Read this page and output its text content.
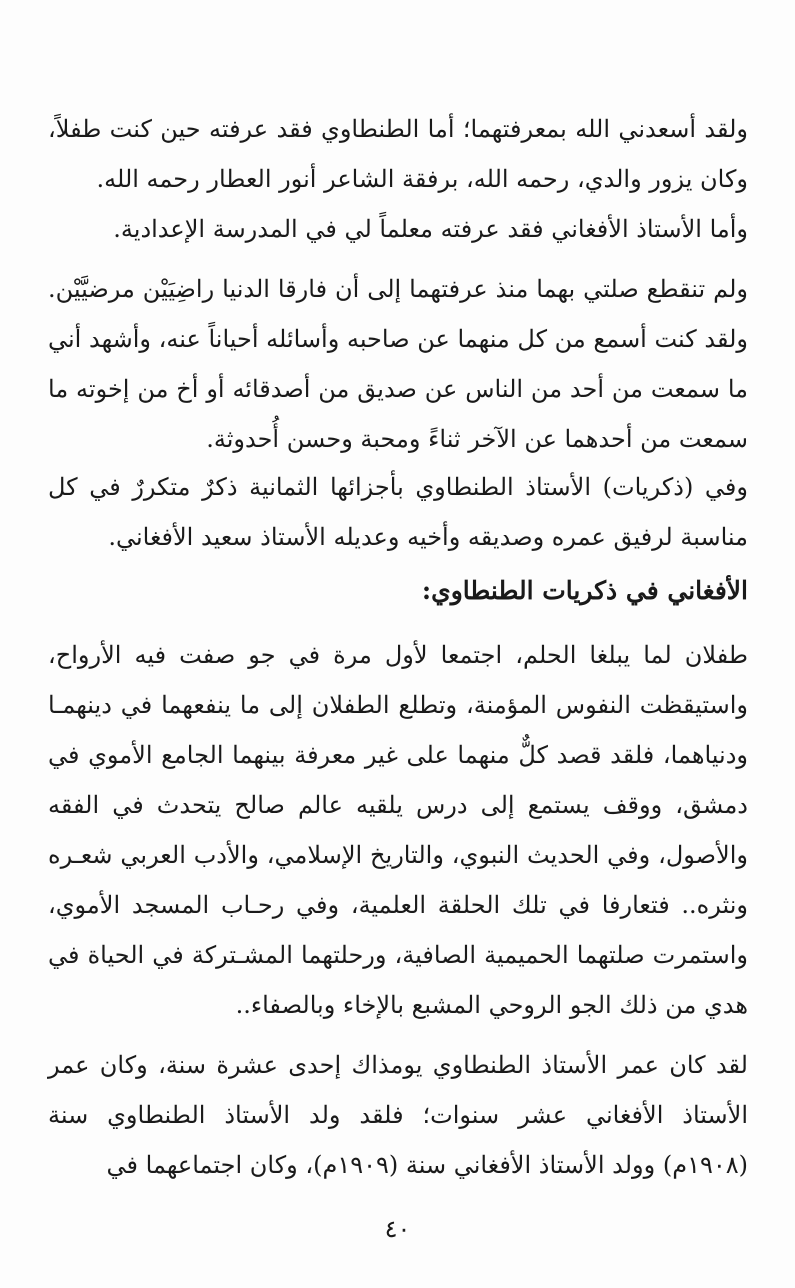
ولقد أسعدني الله بمعرفتهما؛ أما الطنطاوي فقد عرفته حين كنت طفلاً، وكان يزور والدي، رحمه الله، برفقة الشاعر أنور العطار رحمه الله.

وأما الأستاذ الأفغاني فقد عرفته معلماً لي في المدرسة الإعدادية.

ولم تنقطع صلتي بهما منذ عرفتهما إلى أن فارقا الدنيا راضِيَيْن مرضيَّيْن. ولقد كنت أسمع من كل منهما عن صاحبه وأسائله أحياناً عنه، وأشهد أني ما سمعت من أحد من الناس عن صديق من أصدقائه أو أخ من إخوته ما سمعت من أحدهما عن الآخر ثناءً ومحبة وحسن أُحدوثة.

وفي (ذكريات) الأستاذ الطنطاوي بأجزائها الثمانية ذكرٌ متكررٌ في كل مناسبة لرفيق عمره وصديقه وأخيه وعديله الأستاذ سعيد الأفغاني.

الأفغاني في ذكريات الطنطاوي:

طفلان لما يبلغا الحلم، اجتمعا لأول مرة في جو صفت فيه الأرواح، واستيقظت النفوس المؤمنة، وتطلع الطفلان إلى ما ينفعهما في دينهمـا ودنياهما، فلقد قصد كلٌّ منهما على غير معرفة بينهما الجامع الأموي في دمشق، ووقف يستمع إلى درس يلقيه عالم صالح يتحدث في الفقه والأصول، وفي الحديث النبوي، والتاريخ الإسلامي، والأدب العربي شعـره ونثره.. فتعارفا في تلك الحلقة العلمية، وفي رحـاب المسجد الأموي، واستمرت صلتهما الحميمية الصافية، ورحلتهما المشـتركة في الحياة في هدي من ذلك الجو الروحي المشبع بالإخاء وبالصفاء..

لقد كان عمر الأستاذ الطنطاوي يومذاك إحدى عشرة سنة، وكان عمر الأستاذ الأفغاني عشر سنوات؛ فلقد ولد الأستاذ الطنطاوي سنة (١٩٠٨م) وولد الأستاذ الأفغاني سنة (١٩٠٩م)، وكان اجتماعهما في

٤٠
